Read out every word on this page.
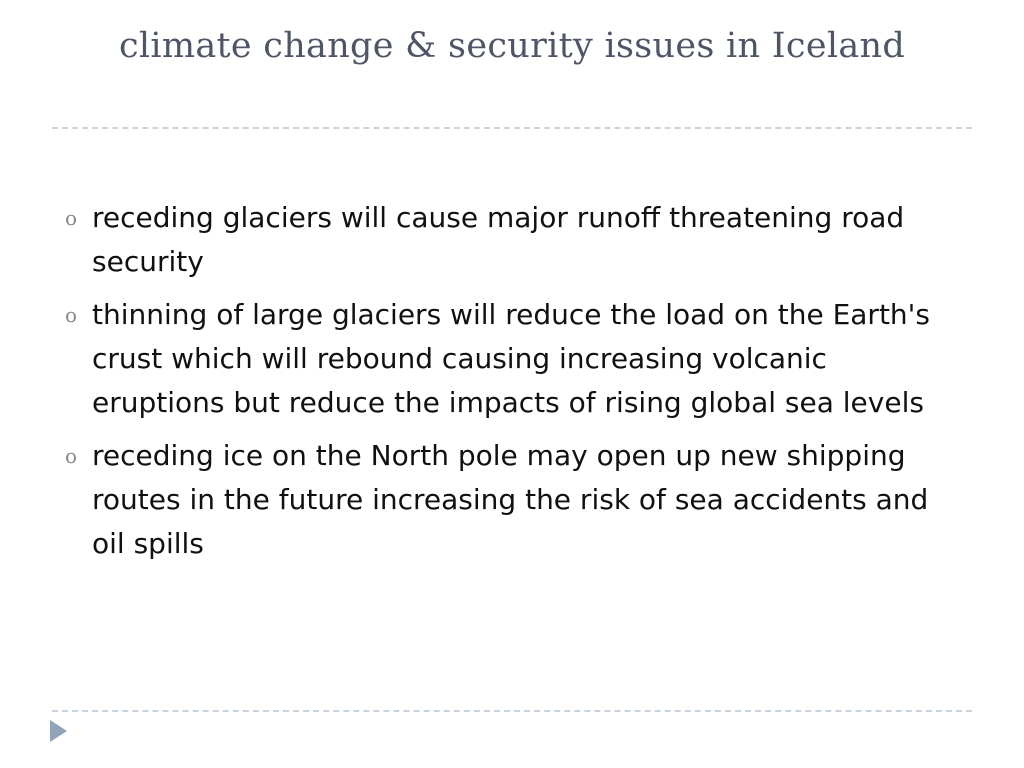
climate change & security issues in Iceland
o receding glaciers will cause major runoff threatening road security
o thinning of large glaciers will reduce the load on the Earth's crust which will rebound causing increasing volcanic eruptions but reduce the impacts of rising global sea levels
o receding ice on the North pole may open up new shipping routes in the future increasing the risk of sea accidents and oil spills
